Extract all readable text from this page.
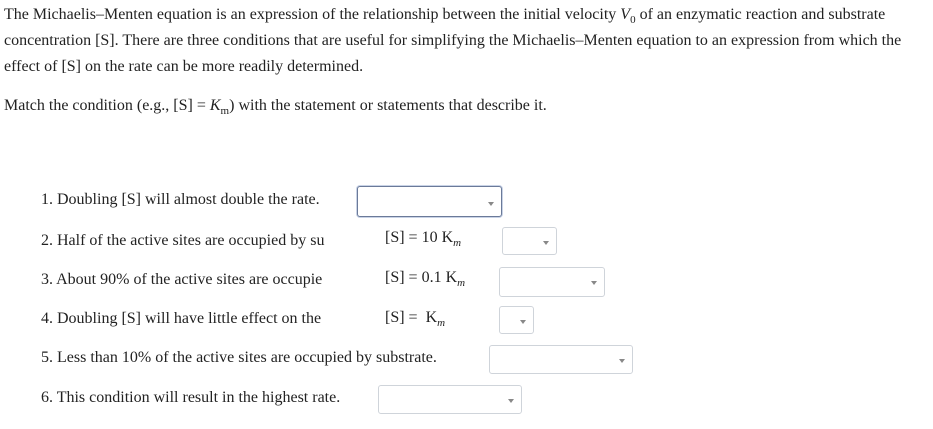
The Michaelis–Menten equation is an expression of the relationship between the initial velocity $V_0$ of an enzymatic reaction and substrate concentration [S]. There are three conditions that are useful for simplifying the Michaelis–Menten equation to an expression from which the effect of [S] on the rate can be more readily determined.

Match the condition (e.g., $[S] = K_m$) with the statement or statements that describe it.

1. Doubling [S] will almost double the rate.
2. Half of the active sites are occupied by su
3. About 90% of the active sites are occupie
4. Doubling [S] will have little effect on the
5. Less than 10% of the active sites are occupied by substrate.
6. This condition will result in the highest rate.
[S] = 10 $K_m$
[S] = 0.1 $K_m$
$[S] = K_m$
